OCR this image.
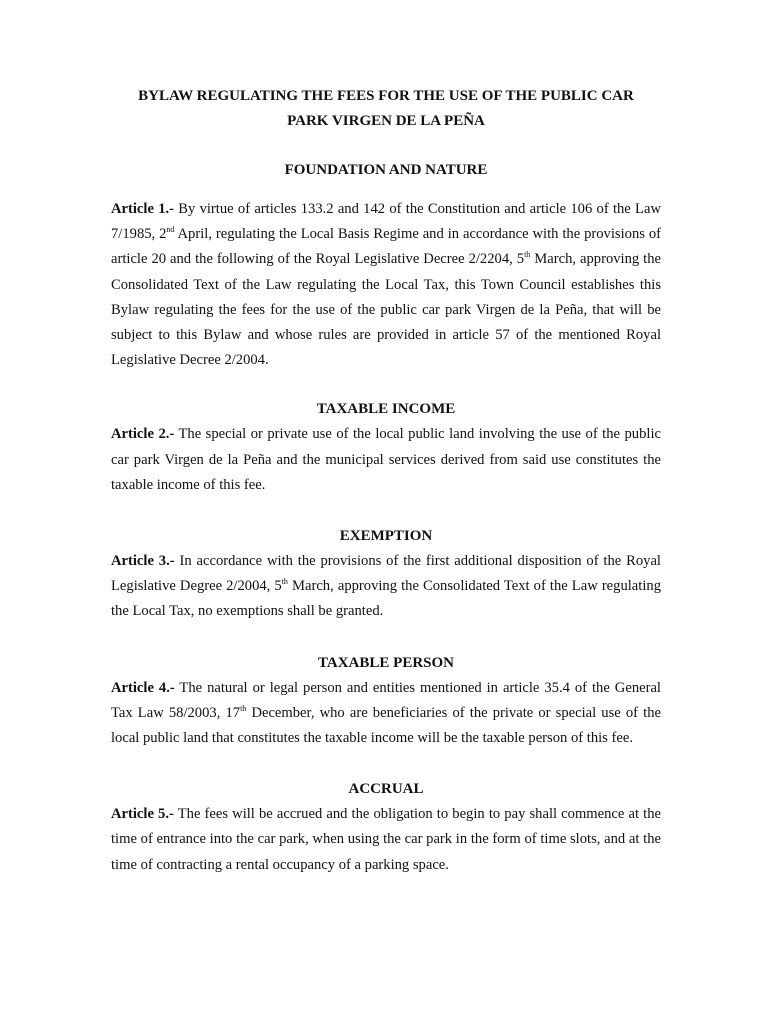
BYLAW REGULATING THE FEES FOR THE USE OF THE PUBLIC CAR

PARK VIRGEN DE LA PEÑA

FOUNDATION AND NATURE

Article 1.- By virtue of articles 133.2 and 142 of the Constitution and article 106 of the Law 7/1985, 2nd April, regulating the Local Basis Regime and in accordance with the provisions of article 20 and the following of the Royal Legislative Decree 2/2204, 5th March, approving the Consolidated Text of the Law regulating the Local Tax, this Town Council establishes this Bylaw regulating the fees for the use of the public car park Virgen de la Peña, that will be subject to this Bylaw and whose rules are provided in article 57 of the mentioned Royal Legislative Decree 2/2004.

TAXABLE INCOME

Article 2.- The special or private use of the local public land involving the use of the public car park Virgen de la Peña and the municipal services derived from said use constitutes the taxable income of this fee.

EXEMPTION

Article 3.- In accordance with the provisions of the first additional disposition of the Royal Legislative Degree 2/2004, 5th March, approving the Consolidated Text of the Law regulating the Local Tax, no exemptions shall be granted.

TAXABLE PERSON

Article 4.- The natural or legal person and entities mentioned in article 35.4 of the General Tax Law 58/2003, 17th December, who are beneficiaries of the private or special use of the local public land that constitutes the taxable income will be the taxable person of this fee.

ACCRUAL

Article 5.- The fees will be accrued and the obligation to begin to pay shall commence at the time of entrance into the car park, when using the car park in the form of time slots, and at the time of contracting a rental occupancy of a parking space.
